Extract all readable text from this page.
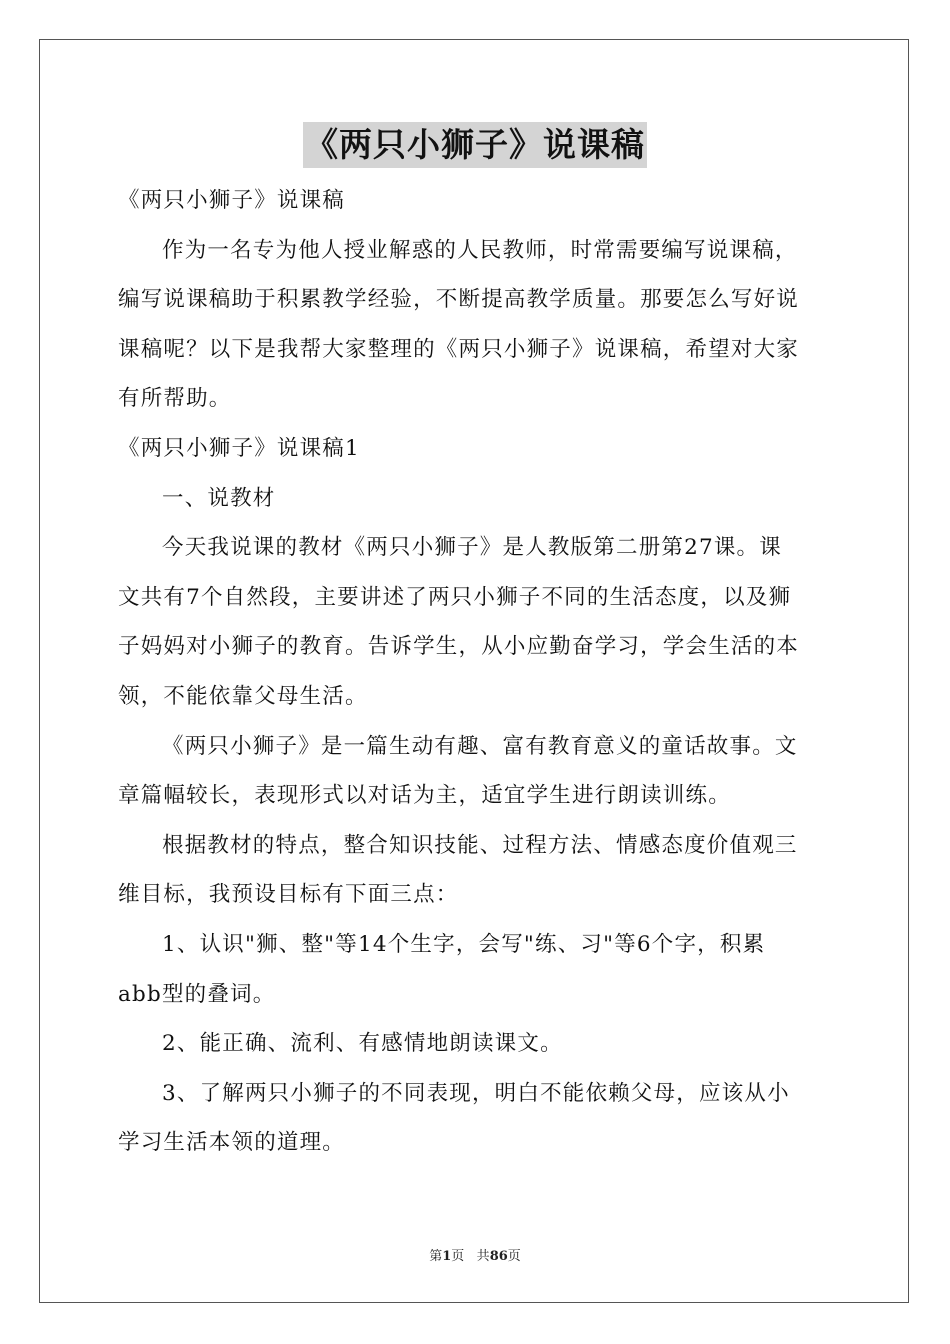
《两只小狮子》说课稿

《两只小狮子》说课稿

作为一名专为他人授业解惑的人民教师，时常需要编写说课稿，

编写说课稿助于积累教学经验，不断提高教学质量。那要怎么写好说

课稿呢？以下是我帮大家整理的《两只小狮子》说课稿，希望对大家

有所帮助。

《两只小狮子》说课稿1

一、说教材

今天我说课的教材《两只小狮子》是人教版第二册第27课。课

文共有7个自然段，主要讲述了两只小狮子不同的生活态度，以及狮

子妈妈对小狮子的教育。告诉学生，从小应勤奋学习，学会生活的本

领，不能依靠父母生活。

《两只小狮子》是一篇生动有趣、富有教育意义的童话故事。文

章篇幅较长，表现形式以对话为主，适宜学生进行朗读训练。

根据教材的特点，整合知识技能、过程方法、情感态度价值观三

维目标，我预设目标有下面三点：

1、认识"狮、整"等14个生字，会写"练、习"等6个字，积累

abb型的叠词。

2、能正确、流利、有感情地朗读课文。

3、了解两只小狮子的不同表现，明白不能依赖父母，应该从小

学习生活本领的道理。

第1页 共86页
